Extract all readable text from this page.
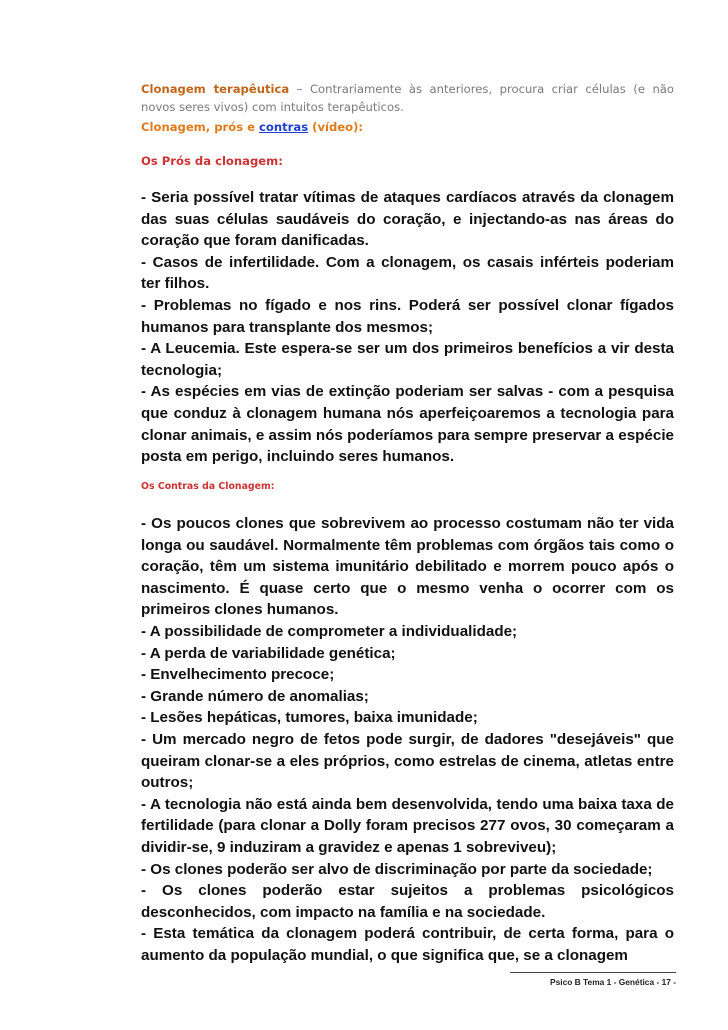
Clonagem terapêutica – Contrariamente às anteriores, procura criar células (e não novos seres vivos) com intuitos terapêuticos.
Clonagem, prós e contras (vídeo):
Os Prós da clonagem:

- Seria possível tratar vítimas de ataques cardíacos através da clonagem das suas células saudáveis do coração, e injectando-as nas áreas do coração que foram danificadas.

- Casos de infertilidade. Com a clonagem, os casais inférteis poderiam ter filhos.

- Problemas no fígado e nos rins. Poderá ser possível clonar fígados humanos para transplante dos mesmos;

- A Leucemia. Este espera-se ser um dos primeiros benefícios a vir desta tecnologia;

- As espécies em vias de extinção poderiam ser salvas - com a pesquisa que conduz à clonagem humana nós aperfeiçoaremos a tecnologia para clonar animais, e assim nós poderíamos para sempre preservar a espécie posta em perigo, incluindo seres humanos.

Os Contras da Clonagem:

- Os poucos clones que sobrevivem ao processo costumam não ter vida longa ou saudável. Normalmente têm problemas com órgãos tais como o coração, têm um sistema imunitário debilitado e morrem pouco após o nascimento. É quase certo que o mesmo venha o ocorrer com os primeiros clones humanos.

- A possibilidade de comprometer a individualidade;

- A perda de variabilidade genética;

- Envelhecimento precoce;

- Grande número de anomalias;

- Lesões hepáticas, tumores, baixa imunidade;

- Um mercado negro de fetos pode surgir, de dadores "desejáveis" que queiram clonar-se a eles próprios, como estrelas de cinema, atletas entre outros;

- A tecnologia não está ainda bem desenvolvida, tendo uma baixa taxa de fertilidade (para clonar a Dolly foram precisos 277 ovos, 30 começaram a dividir-se, 9 induziram a gravidez e apenas 1 sobreviveu);

- Os clones poderão ser alvo de discriminação por parte da sociedade;

- Os clones poderão estar sujeitos a problemas psicológicos desconhecidos, com impacto na família e na sociedade.

- Esta temática da clonagem poderá contribuir, de certa forma, para o aumento da população mundial, o que significa que, se a clonagem

Psico B Tema 1 - Genética - 17 -
